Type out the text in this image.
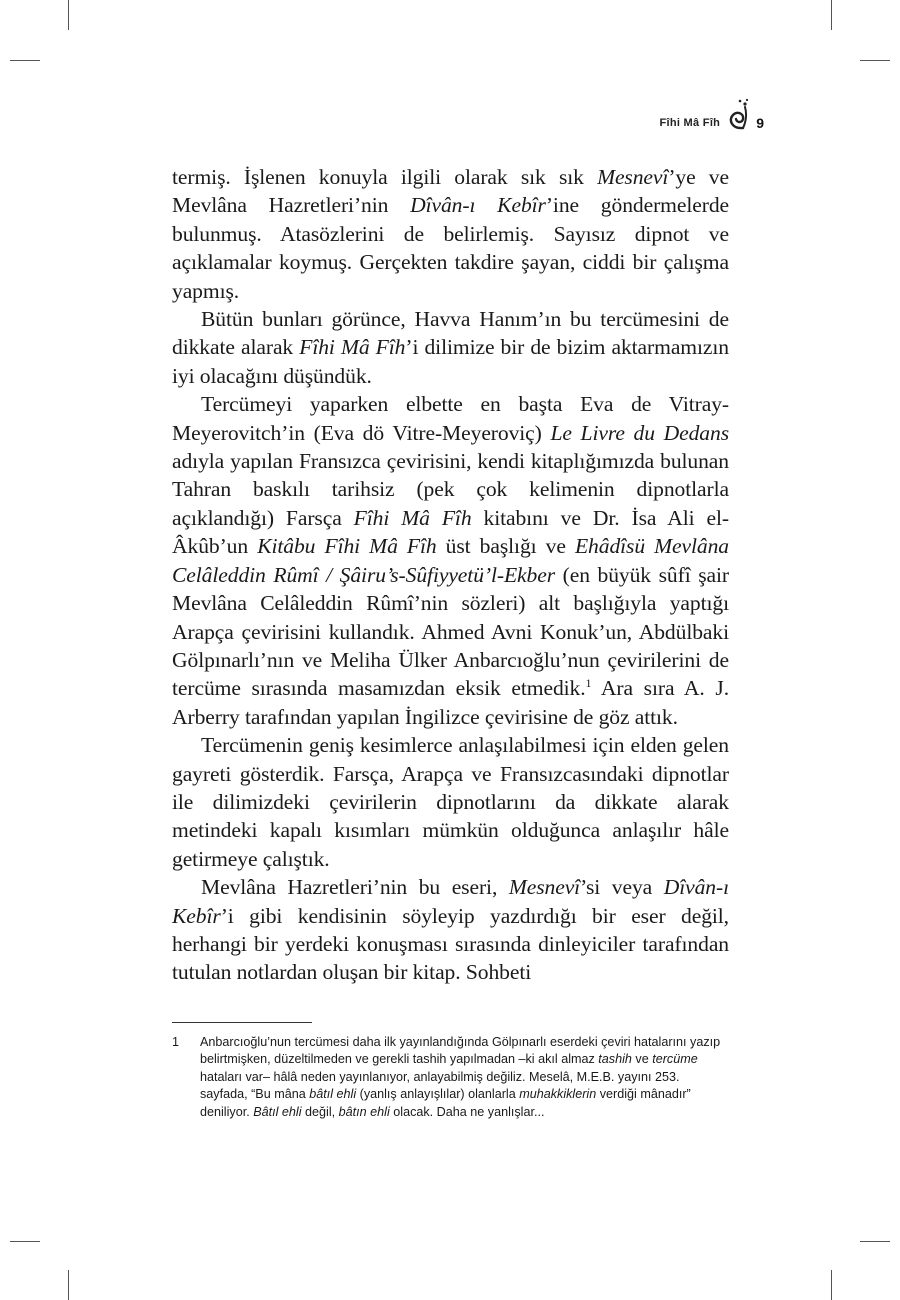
Fîhi Mâ Fîh	9

termiş. İşlenen konuyla ilgili olarak sık sık Mesnevî’ye ve Mevlâna Hazretleri’nin Dîvân-ı Kebîr’ine göndermelerde bulunmuş. Atasözlerini de belirlemiş. Sayısız dipnot ve açıklamalar koymuş. Gerçekten takdire şayan, ciddi bir çalışma yapmış.

Bütün bunları görünce, Havva Hanım’ın bu tercümesini de dikkate alarak Fîhi Mâ Fîh’i dilimize bir de bizim aktarmamızın iyi olacağını düşündük.

Tercümeyi yaparken elbette en başta Eva de Vitray-Meyerovitch’in (Eva dö Vitre-Meyeroviç) Le Livre du Dedans adıyla yapılan Fransızca çevirisini, kendi kitaplığımızda bulunan Tahran baskılı tarihsiz (pek çok kelimenin dipnotlarla açıklandığı) Farsça Fîhi Mâ Fîh kitabını ve Dr. İsa Ali el-Âkûb’un Kitâbu Fîhi Mâ Fîh üst başlığı ve Ehâdîsü Mevlâna Celâleddin Rûmî / Şâiru’s-Sûfiyyetü’l-Ekber (en büyük sûfî şair Mevlâna Celâleddin Rûmî’nin sözleri) alt başlığıyla yaptığı Arapça çevirisini kullandık. Ahmed Avni Konuk’un, Abdülbaki Gölpınarlı’nın ve Meliha Ülker Anbarcıoğlu’nun çevirilerini de tercüme sırasında masamızdan eksik etmedik.$^1$ Ara sıra A. J. Arberry tarafından yapılan İngilizce çevirisine de göz attık.

Tercümenin geniş kesimlerce anlaşılabilmesi için elden gelen gayreti gösterdik. Farsça, Arapça ve Fransızcasındaki dipnotlar ile dilimizdeki çevirilerin dipnotlarını da dikkate alarak metindeki kapalı kısımları mümkün olduğunca anlaşılır hâle getirmeye çalıştık.

Mevlâna Hazretleri’nin bu eseri, Mesnevî’si veya Dîvân-ı Kebîr’i gibi kendisinin söyleyip yazdırdığı bir eser değil, herhangi bir yerdeki konuşması sırasında dinleyiciler tarafından tutulan notlardan oluşan bir kitap. Sohbeti

1	Anbarcıoğlu’nun tercümesi daha ilk yayınlandığında Gölpınarlı eserdeki çeviri hatalarını yazıp belirtmişken, düzeltilmeden ve gerekli tashih yapılmadan –ki akıl almaz tashih ve tercüme hataları var– hâlâ neden yayınlanıyor, anlayabilmiş değiliz. Meselâ, M.E.B. yayını 253. sayfada, “Bu mâna bâtıl ehli (yanlış anlayışlılar) olanlarla muhakkiklerin verdiği mânadır” deniliyor. Bâtıl ehli değil, bâtın ehli olacak. Daha ne yanlışlar...
